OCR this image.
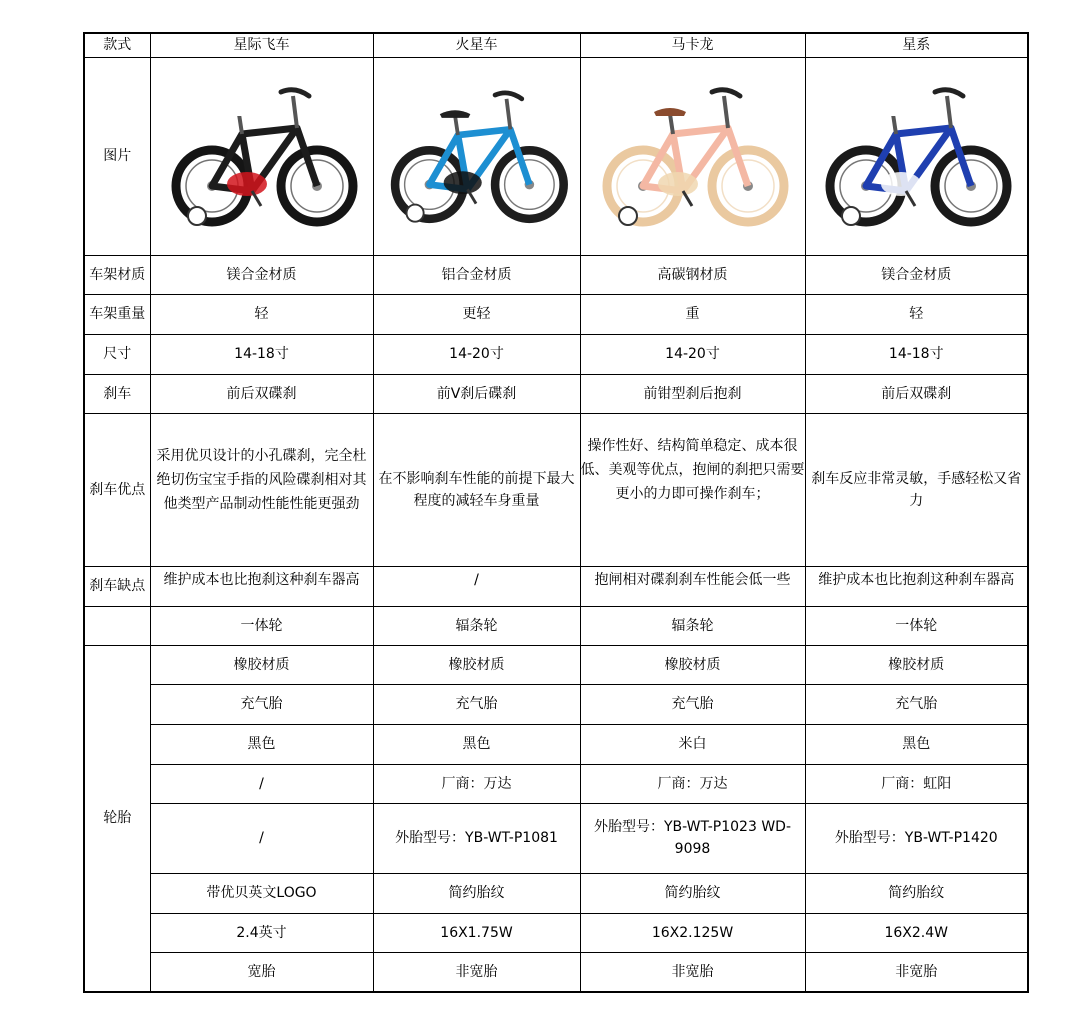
款式	星际飞车	火星车	马卡龙	星系
图片	

车架材质	镁合金材质	铝合金材质	高碳钢材质	镁合金材质
车架重量	轻	更轻	重	轻
尺寸	14-18寸	14-20寸	14-20寸	14-18寸
刹车	前后双碟刹	前V刹后碟刹	前钳型刹后抱刹	前后双碟刹
刹车优点	采用优贝设计的小孔碟刹，完全杜绝切伤宝宝手指的风险碟刹相对其他类型产品制动性能性能更强劲	在不影响刹车性能的前提下最大程度的减轻车身重量	操作性好、结构简单稳定、成本很低、美观等优点，抱闸的刹把只需要更小的力即可操作刹车；	刹车反应非常灵敏，手感轻松又省力
刹车缺点	维护成本也比抱刹这种刹车器高	/	抱闸相对碟刹刹车性能会低一些	维护成本也比抱刹这种刹车器高

	一体轮	辐条轮	辐条轮	一体轮
轮胎	橡胶材质	橡胶材质	橡胶材质	橡胶材质
	充气胎	充气胎	充气胎	充气胎
	黑色	黑色	米白	黑色
	/	厂商：万达	厂商：万达	厂商：虹阳
	/	外胎型号：YB-WT-P1081	外胎型号：YB-WT-P1023 WD-9098	外胎型号：YB-WT-P1420
	带优贝英文LOGO	简约胎纹	简约胎纹	简约胎纹
	2.4英寸	16X1.75W	16X2.125W	16X2.4W
	宽胎	非宽胎	非宽胎	非宽胎
